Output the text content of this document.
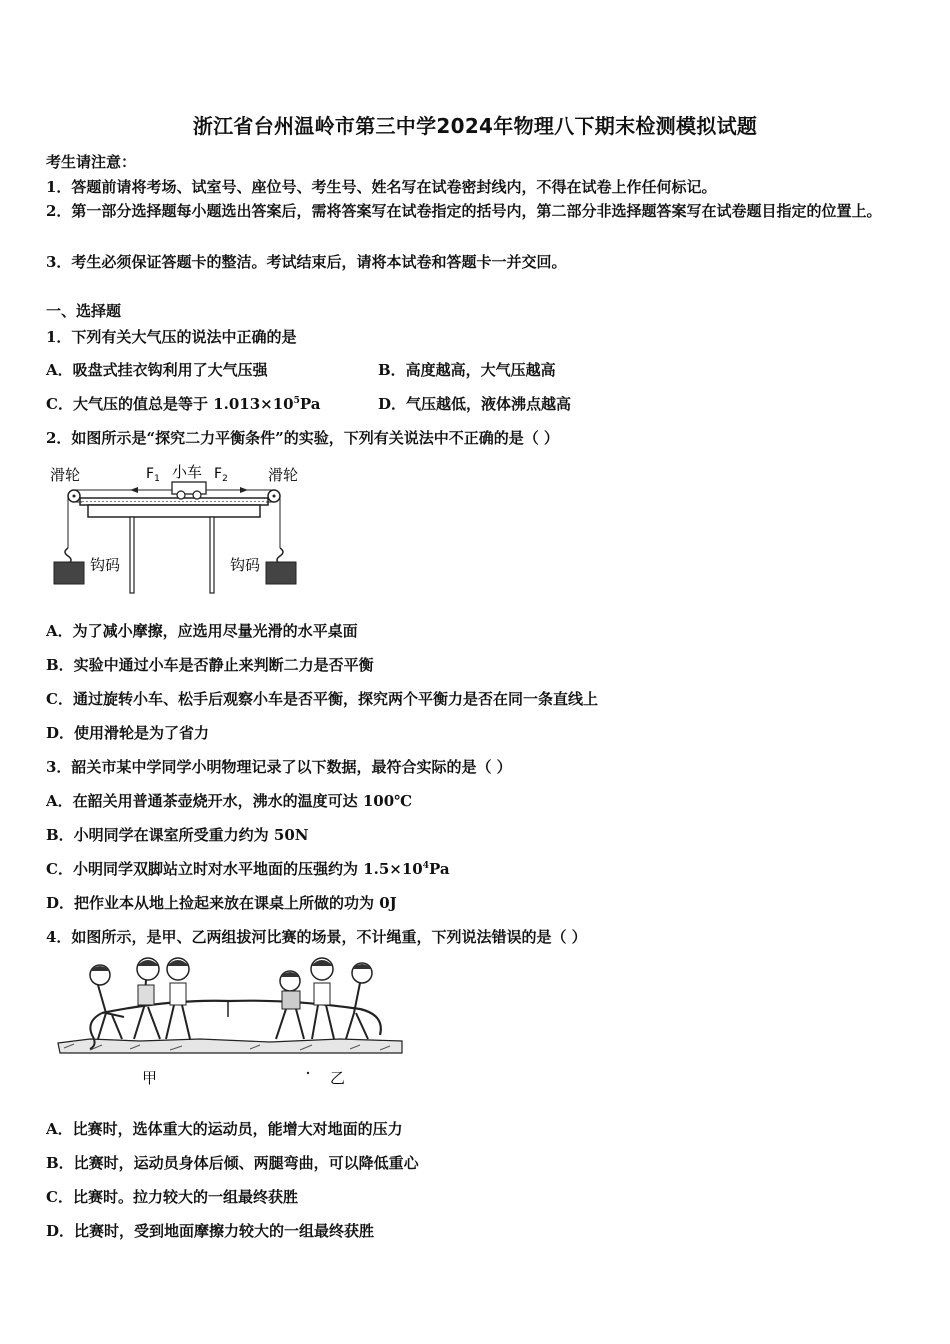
浙江省台州温岭市第三中学2024年物理八下期末检测模拟试题
考生请注意：
1．答题前请将考场、试室号、座位号、考生号、姓名写在试卷密封线内，不得在试卷上作任何标记。
2．第一部分选择题每小题选出答案后，需将答案写在试卷指定的括号内，第二部分非选择题答案写在试卷题目指定的位置上。
3．考生必须保证答题卡的整洁。考试结束后，请将本试卷和答题卡一并交回。
一、选择题
1．下列有关大气压的说法中正确的是
A．吸盘式挂衣钩利用了大气压强	B．高度越高，大气压越高
C．大气压的值总是等于 $1.013\times 10^5Pa$	D．气压越低，液体沸点越高
2．如图所示是“探究二力平衡条件”的实验，下列有关说法中不正确的是（ ）
滑轮	滑轮
小车
$F_1$	$F_2$
钩码	钩码
A．为了减小摩擦，应选用尽量光滑的水平桌面
B．实验中通过小车是否静止来判断二力是否平衡
C．通过旋转小车、松手后观察小车是否平衡，探究两个平衡力是否在同一条直线上
D．使用滑轮是为了省力
3．韶关市某中学同学小明物理记录了以下数据，最符合实际的是（ ）
A．在韶关用普通茶壶烧开水，沸水的温度可达 100℃
B．小明同学在课室所受重力约为 50N
C．小明同学双脚站立时对水平地面的压强约为 $1.5\times 10^4Pa$
D．把作业本从地上捡起来放在课桌上所做的功为 0J
4．如图所示，是甲、乙两组拔河比赛的场景，不计绳重，下列说法错误的是（ ）
甲	乙
A．比赛时，选体重大的运动员，能增大对地面的压力
B．比赛时，运动员身体后倾、两腿弯曲，可以降低重心
C．比赛时。拉力较大的一组最终获胜
D．比赛时，受到地面摩擦力较大的一组最终获胜
